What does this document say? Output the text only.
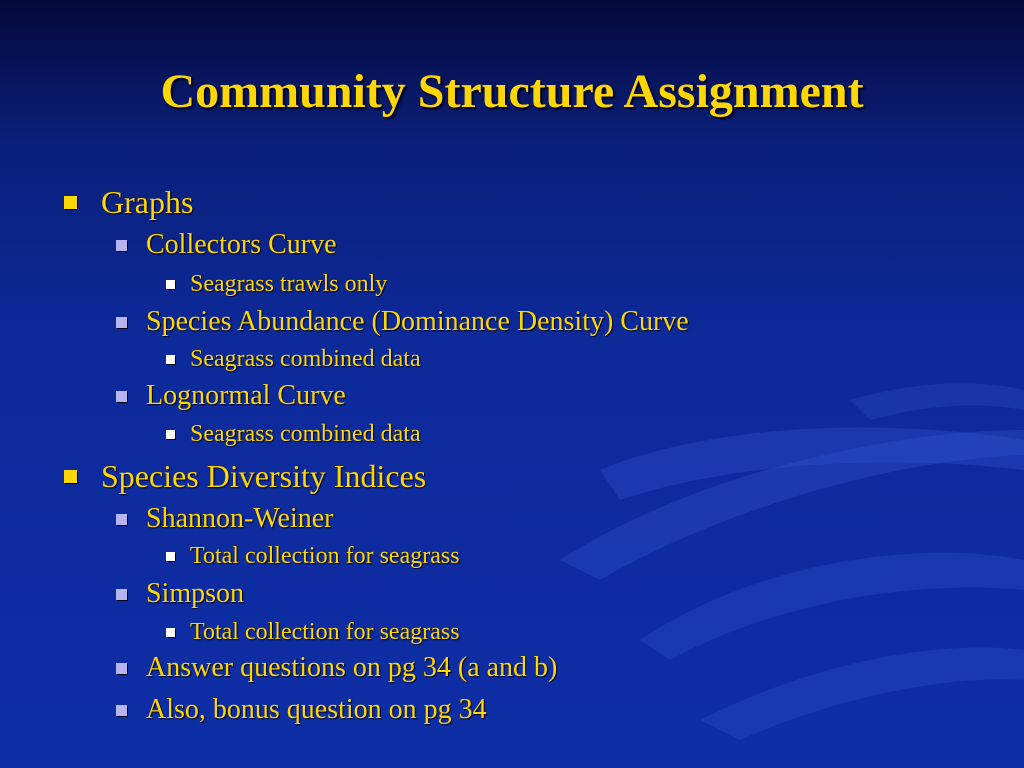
Community Structure Assignment
Graphs
Collectors Curve
Seagrass trawls only
Species Abundance (Dominance Density) Curve
Seagrass combined data
Lognormal Curve
Seagrass combined data
Species Diversity Indices
Shannon-Weiner
Total collection for seagrass
Simpson
Total collection for seagrass
Answer questions on pg 34 (a and b)
Also, bonus question on pg 34
